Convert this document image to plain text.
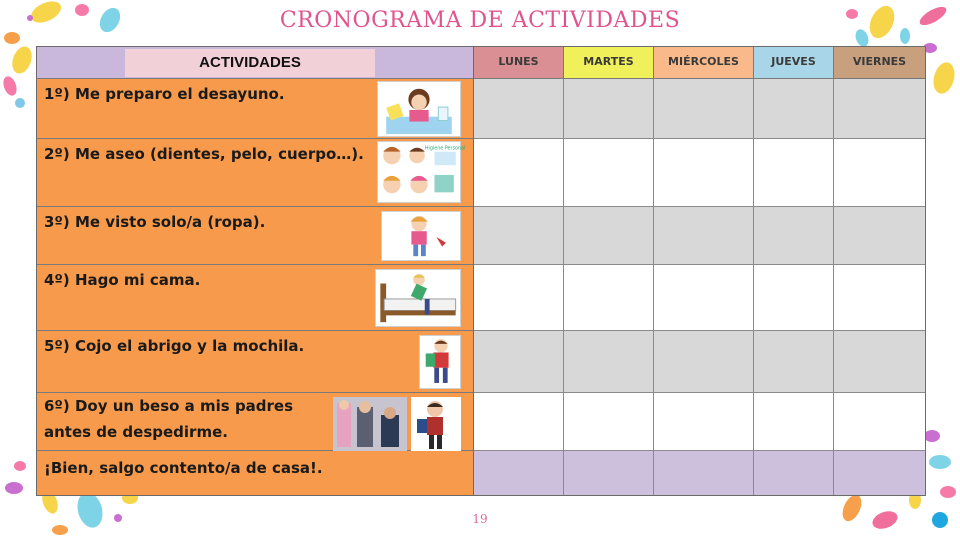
CRONOGRAMA DE ACTIVIDADES
ACTIVIDADES	LUNES	MARTES	MIÉRCOLES	JUEVES	VIERNES
1º) Me preparo el desayuno.
2º) Me aseo (dientes, pelo, cuerpo…).
3º) Me visto solo/a (ropa).
4º) Hago mi cama.
5º) Cojo el abrigo y la mochila.
6º) Doy un beso a mis padres
antes de despedirme.
¡Bien, salgo contento/a de casa!.
Higiene Personal
19
